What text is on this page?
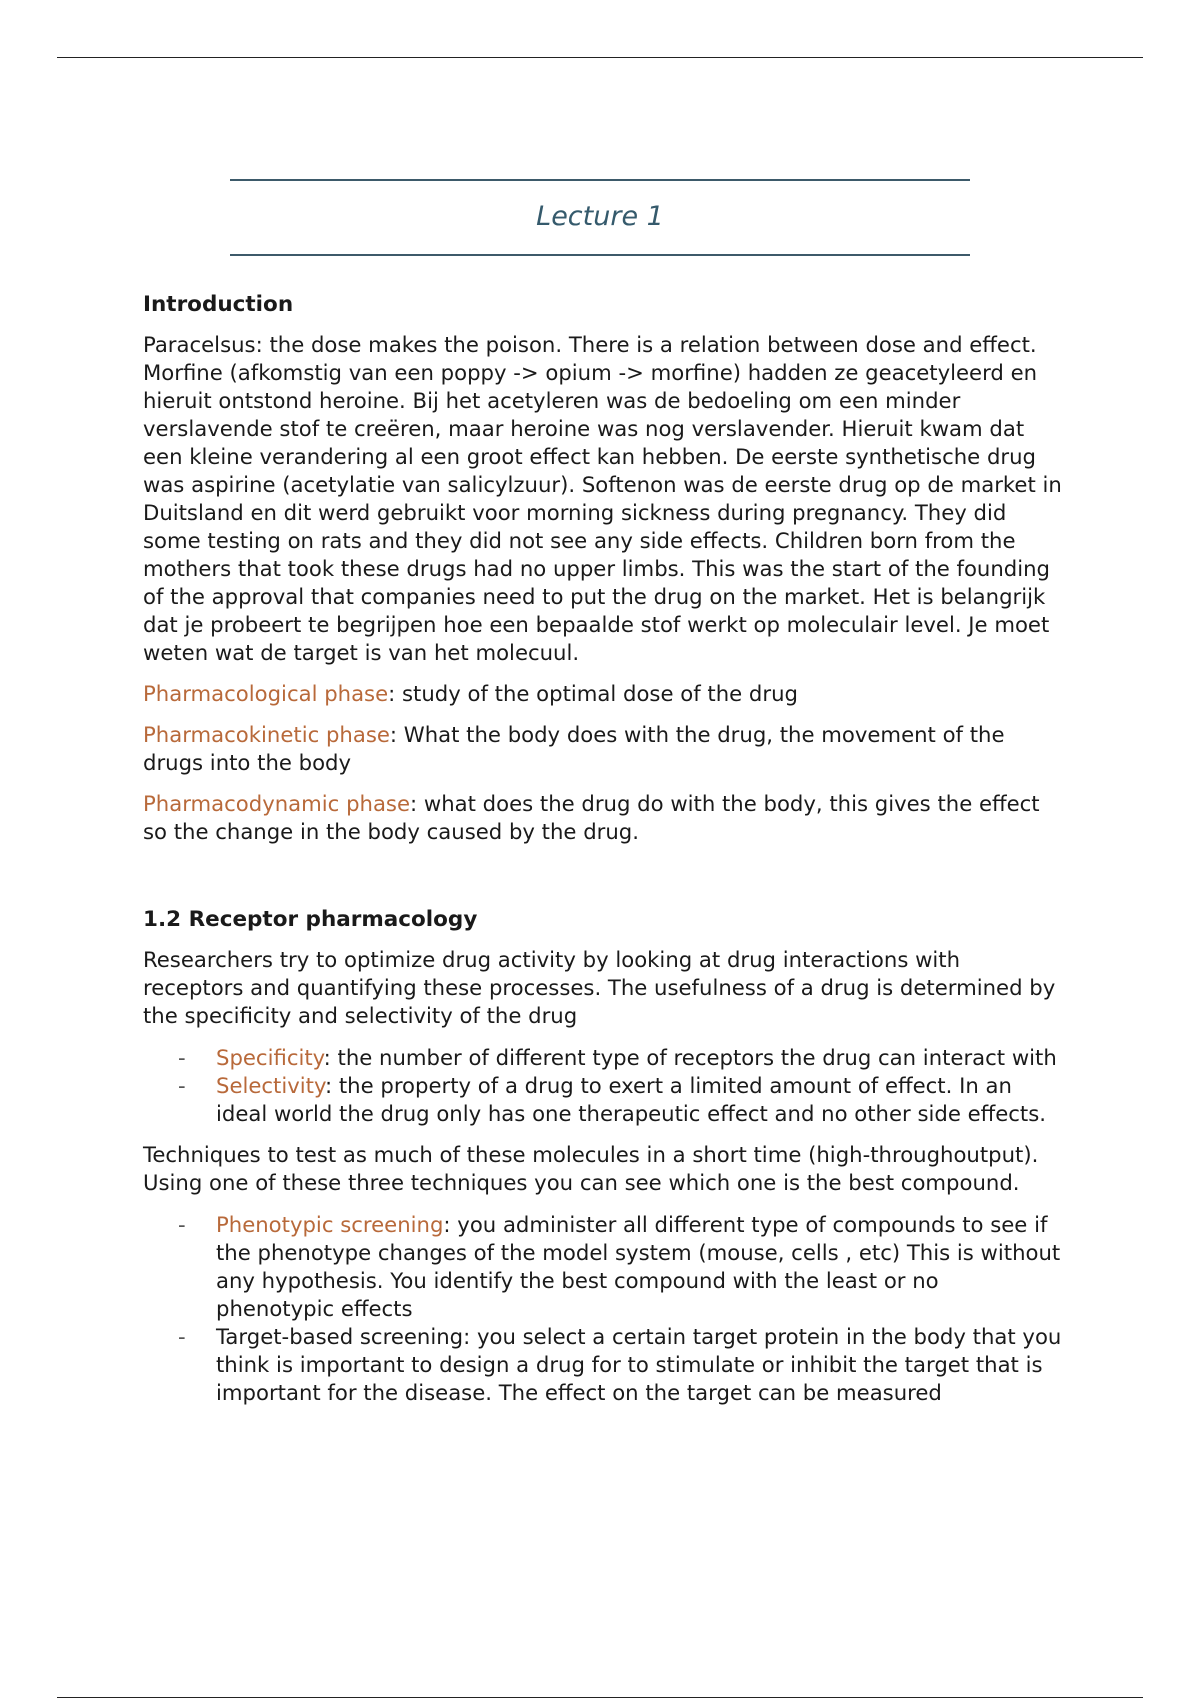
Lecture 1
Introduction

Paracelsus: the dose makes the poison. There is a relation between dose and effect. Morfine (afkomstig van een poppy -> opium -> morfine) hadden ze geacetyleerd en hieruit ontstond heroine. Bij het acetyleren was de bedoeling om een minder verslavende stof te creëren, maar heroine was nog verslavender. Hieruit kwam dat een kleine verandering al een groot effect kan hebben. De eerste synthetische drug was aspirine (acetylatie van salicylzuur). Softenon was de eerste drug op de market in Duitsland en dit werd gebruikt voor morning sickness during pregnancy. They did some testing on rats and they did not see any side effects. Children born from the mothers that took these drugs had no upper limbs. This was the start of the founding of the approval that companies need to put the drug on the market. Het is belangrijk dat je probeert te begrijpen hoe een bepaalde stof werkt op moleculair level. Je moet weten wat de target is van het molecuul.

Pharmacological phase: study of the optimal dose of the drug

Pharmacokinetic phase: What the body does with the drug, the movement of the drugs into the body

Pharmacodynamic phase: what does the drug do with the body, this gives the effect so the change in the body caused by the drug.

1.2 Receptor pharmacology

Researchers try to optimize drug activity by looking at drug interactions with receptors and quantifying these processes. The usefulness of a drug is determined by the specificity and selectivity of the drug

- Specificity: the number of different type of receptors the drug can interact with
- Selectivity: the property of a drug to exert a limited amount of effect. In an ideal world the drug only has one therapeutic effect and no other side effects.

Techniques to test as much of these molecules in a short time (high-throughoutput). Using one of these three techniques you can see which one is the best compound.

- Phenotypic screening: you administer all different type of compounds to see if the phenotype changes of the model system (mouse, cells , etc) This is without any hypothesis. You identify the best compound with the least or no phenotypic effects
- Target-based screening: you select a certain target protein in the body that you think is important to design a drug for to stimulate or inhibit the target that is important for the disease. The effect on the target can be measured
